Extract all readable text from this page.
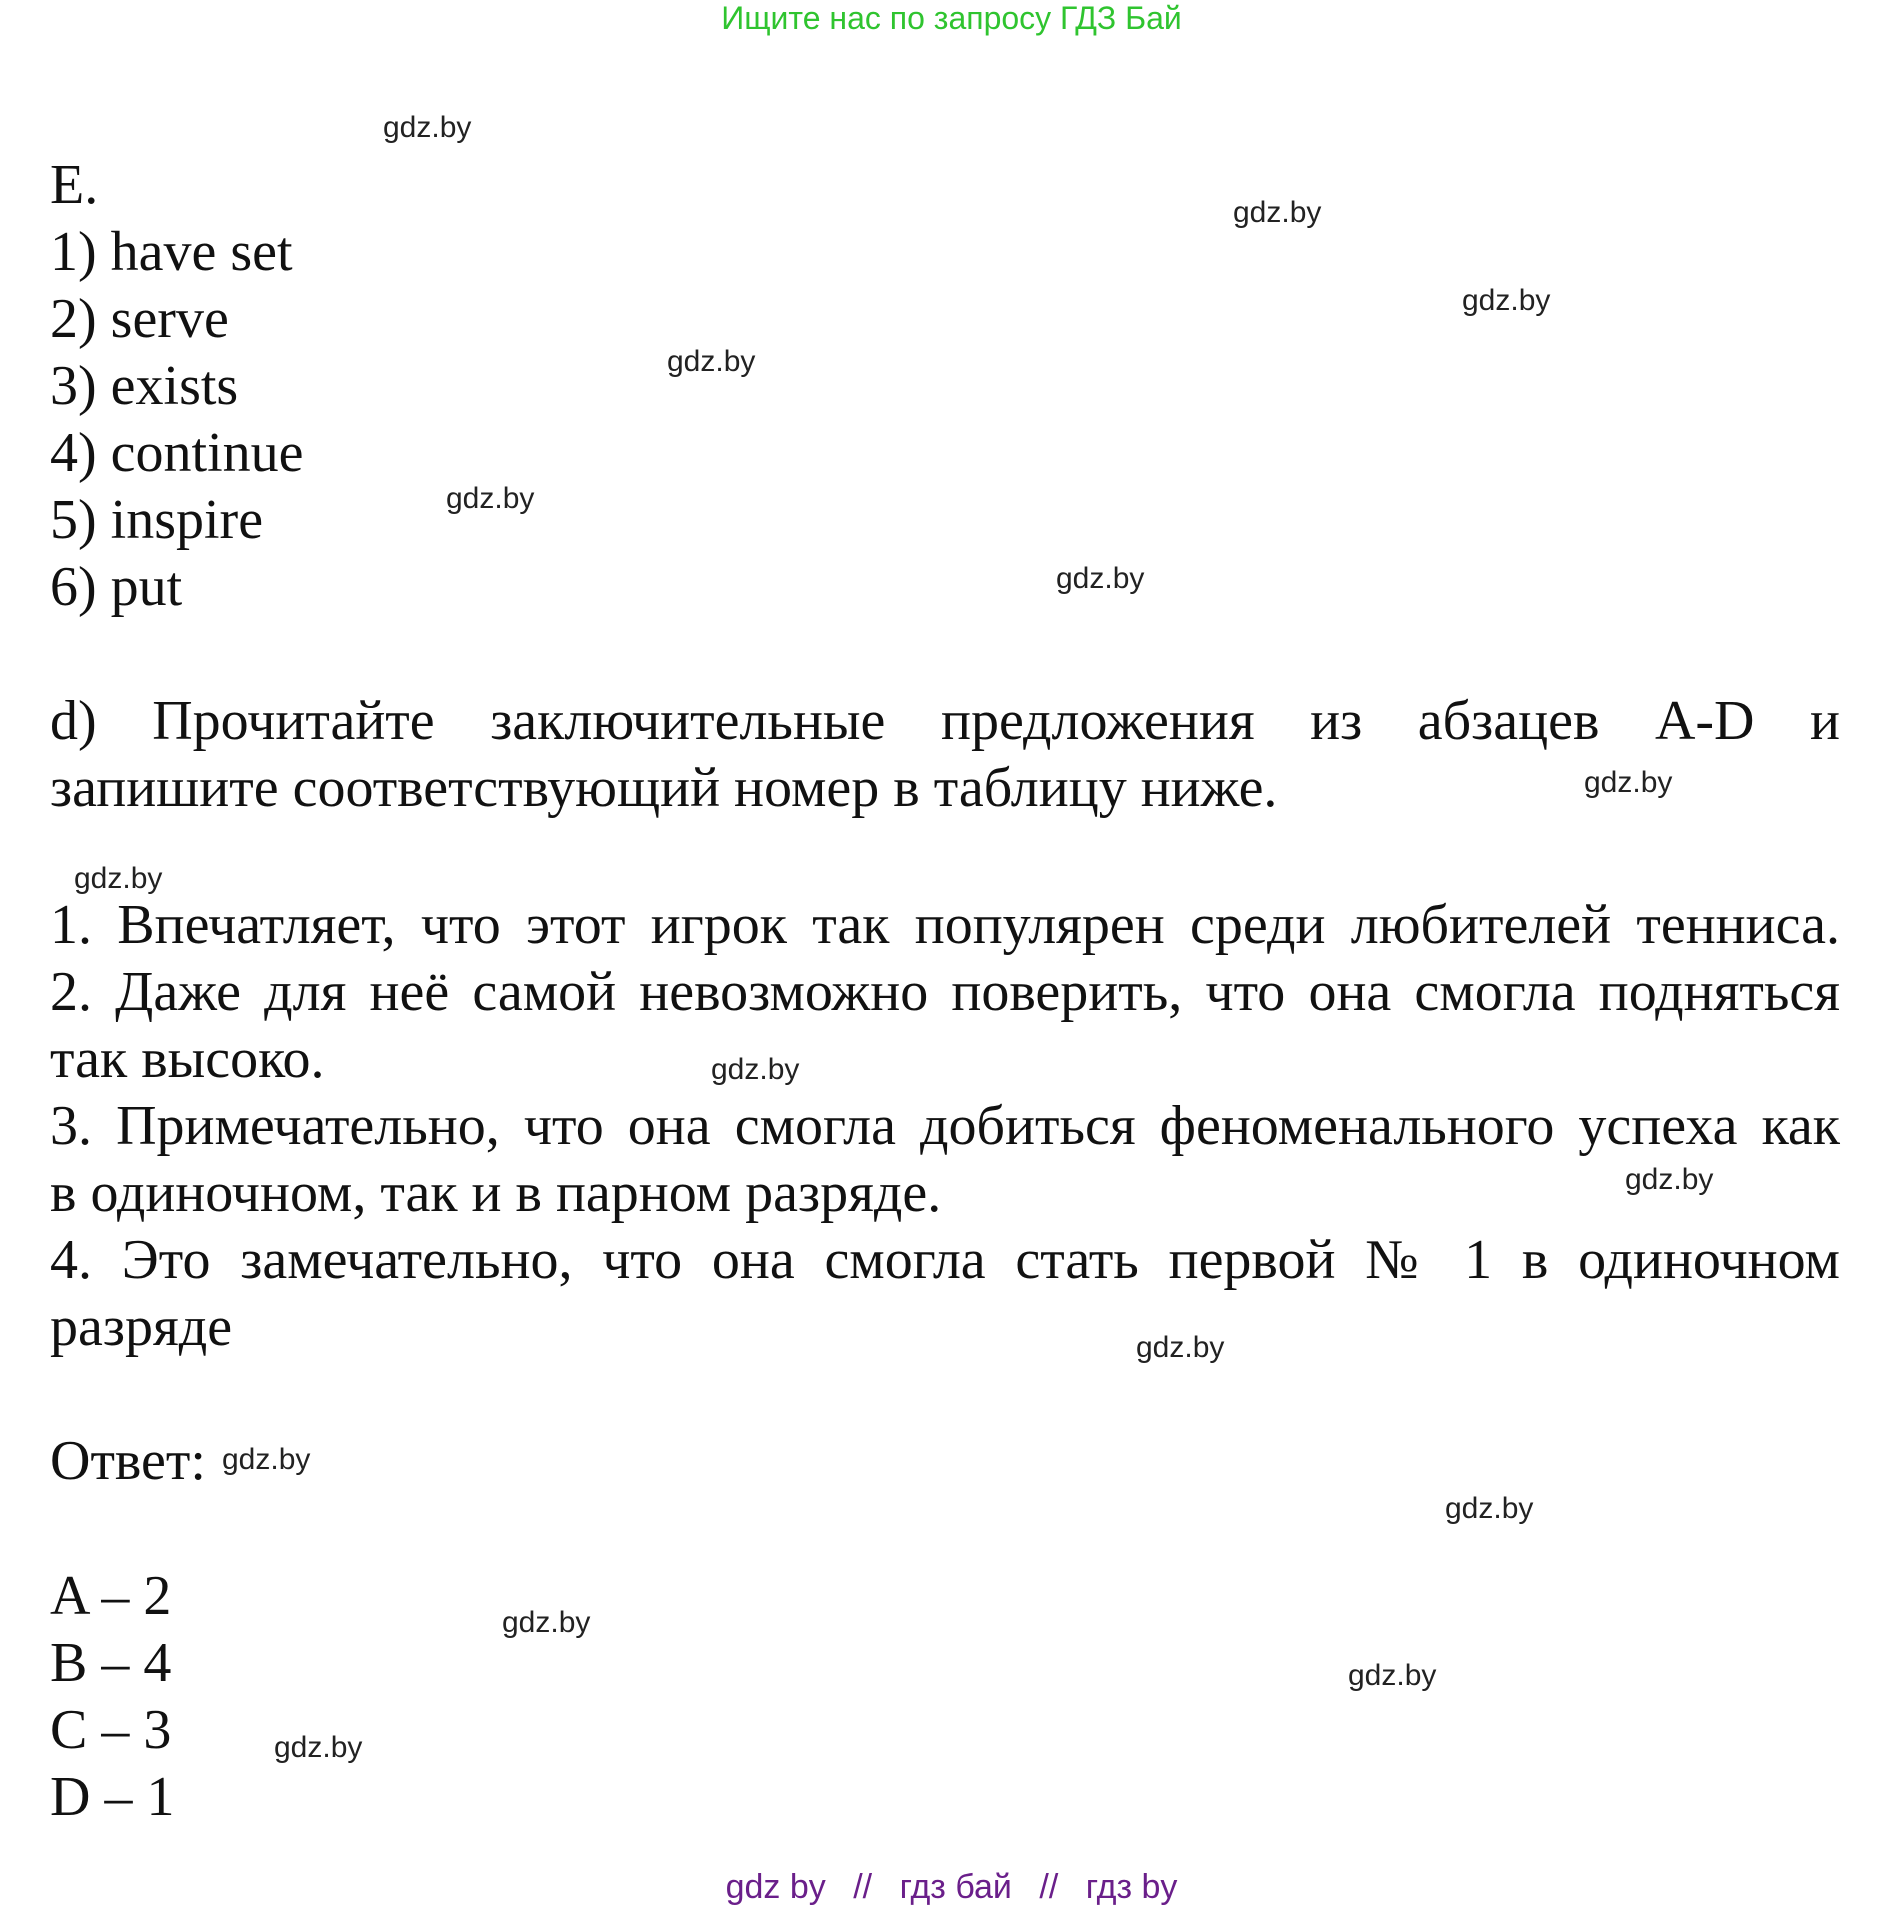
Ищите нас по запросу ГДЗ Бай
E.
1) have set
2) serve
3) exists
4) continue
5) inspire
6) put
d) Прочитайте заключительные предложения из абзацев A-D и
запишите соответствующий номер в таблицу ниже.
1. Впечатляет, что этот игрок так популярен среди любителей тенниса.
2. Даже для неё самой невозможно поверить, что она смогла подняться
так высоко.
3. Примечательно, что она смогла добиться феноменального успеха как
в одиночном, так и в парном разряде.
4. Это замечательно, что она смогла стать первой № 1 в одиночном
разряде
Ответ:
A – 2
B – 4
C – 3
D – 1
gdz.by
gdz.by
gdz.by
gdz.by
gdz.by
gdz.by
gdz.by
gdz.by
gdz.by
gdz.by
gdz.by
gdz.by
gdz.by
gdz.by
gdz.by
gdz.by
gdz by // гдз бай // гдз by
